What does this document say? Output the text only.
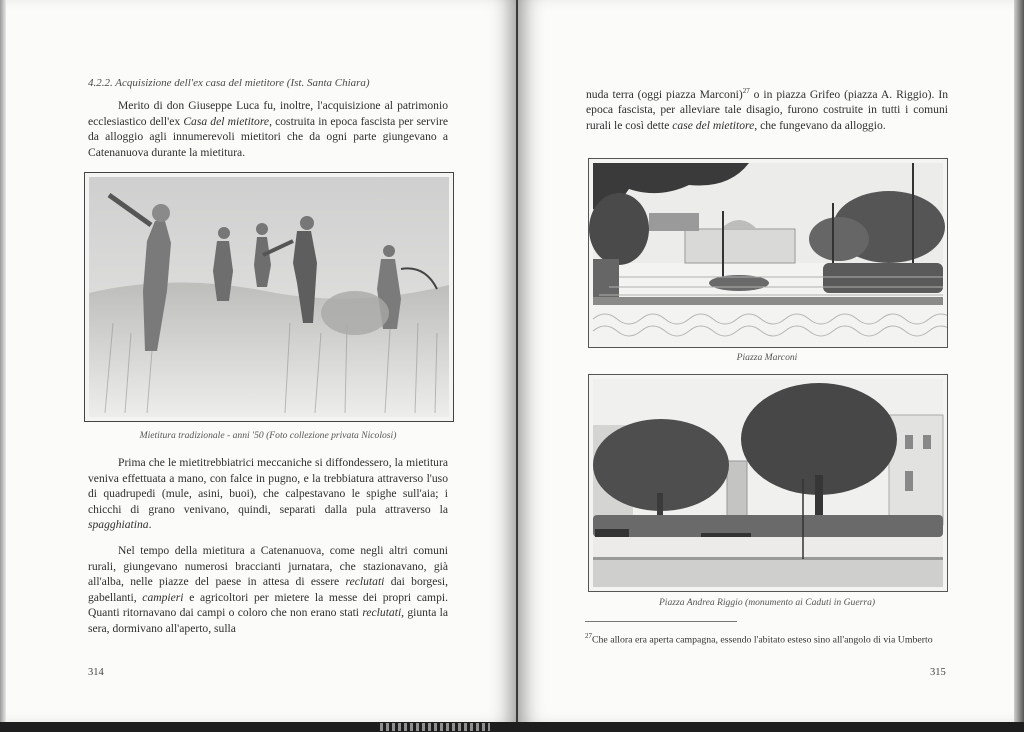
4.2.2. Acquisizione dell'ex casa del mietitore (Ist. Santa Chiara)

Merito di don Giuseppe Luca fu, inoltre, l'acquisizione al patrimonio ecclesiastico dell'ex Casa del mietitore, costruita in epoca fascista per servire da alloggio agli innumerevoli mietitori che da ogni parte giungevano a Catenanuova durante la mietitura.

Mietitura tradizionale - anni '50 (Foto collezione privata Nicolosi)

Prima che le mietitrebbiatrici meccaniche si diffondessero, la mietitura veniva effettuata a mano, con falce in pugno, e la trebbiatura attraverso l'uso di quadrupedi (mule, asini, buoi), che calpestavano le spighe sull'aia; i chicchi di grano venivano, quindi, separati dalla pula attraverso la spagghiatina.

Nel tempo della mietitura a Catenanuova, come negli altri comuni rurali, giungevano numerosi braccianti jurnatara, che stazionavano, già all'alba, nelle piazze del paese in attesa di essere reclutati dai borgesi, gabellanti, campieri e agricoltori per mietere la messe dei propri campi. Quanti ritornavano dai campi o coloro che non erano stati reclutati, giunta la sera, dormivano all'aperto, sulla

314

nuda terra (oggi piazza Marconi)$^{27}$ o in piazza Grifeo (piazza A. Riggio). In epoca fascista, per alleviare tale disagio, furono costruite in tutti i comuni rurali le così dette case del mietitore, che fungevano da alloggio.

Piazza Marconi
Piazza Andrea Riggio (monumento ai Caduti in Guerra)

$^{27}$Che allora era aperta campagna, essendo l'abitato esteso sino all'angolo di via Umberto

315
